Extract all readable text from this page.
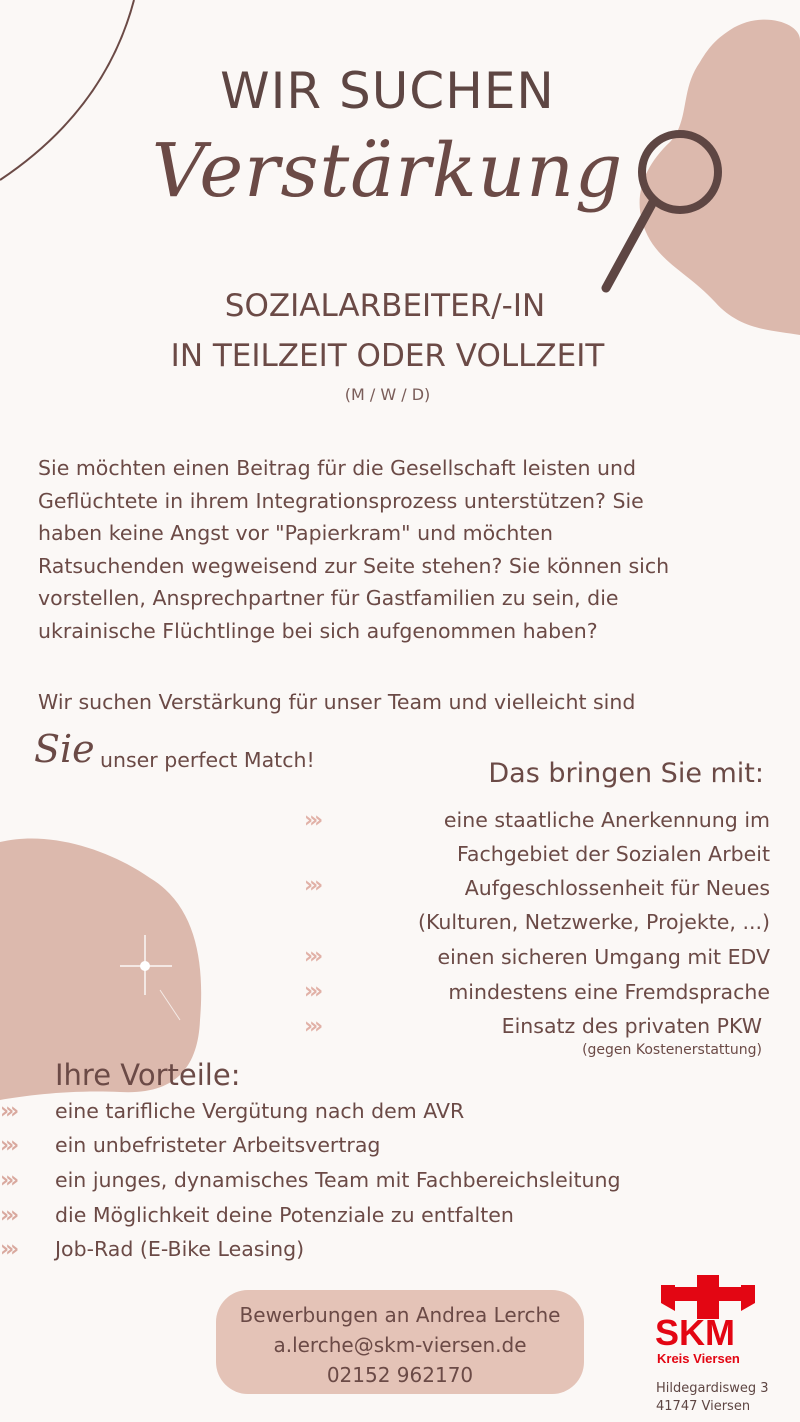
WIR SUCHEN
Verstärkung
SOZIALARBEITER/-IN
IN TEILZEIT ODER VOLLZEIT
(M / W / D)
Sie möchten einen Beitrag für die Gesellschaft leisten und
Geflüchtete in ihrem Integrationsprozess unterstützen? Sie
haben keine Angst vor "Papierkram" und möchten
Ratsuchenden wegweisend zur Seite stehen? Sie können sich
vorstellen, Ansprechpartner für Gastfamilien zu sein, die
ukrainische Flüchtlinge bei sich aufgenommen haben?
Wir suchen Verstärkung für unser Team und vielleicht sind
Sie unser perfect Match!	Das bringen Sie mit:
›››	eine staatliche Anerkennung im
Fachgebiet der Sozialen Arbeit
›››	Aufgeschlossenheit für Neues
(Kulturen, Netzwerke, Projekte, ...)
›››	einen sicheren Umgang mit EDV
›››	mindestens eine Fremdsprache
›››	Einsatz des privaten PKW
(gegen Kostenerstattung)
Ihre Vorteile:
››› eine tarifliche Vergütung nach dem AVR
››› ein unbefristeter Arbeitsvertrag
››› ein junges, dynamisches Team mit Fachbereichsleitung
››› die Möglichkeit deine Potenziale zu entfalten
››› Job-Rad (E-Bike Leasing)
Bewerbungen an Andrea Lerche
a.lerche@skm-viersen.de
02152 962170
SKM
Kreis Viersen
Hildegardisweg 3
41747 Viersen
